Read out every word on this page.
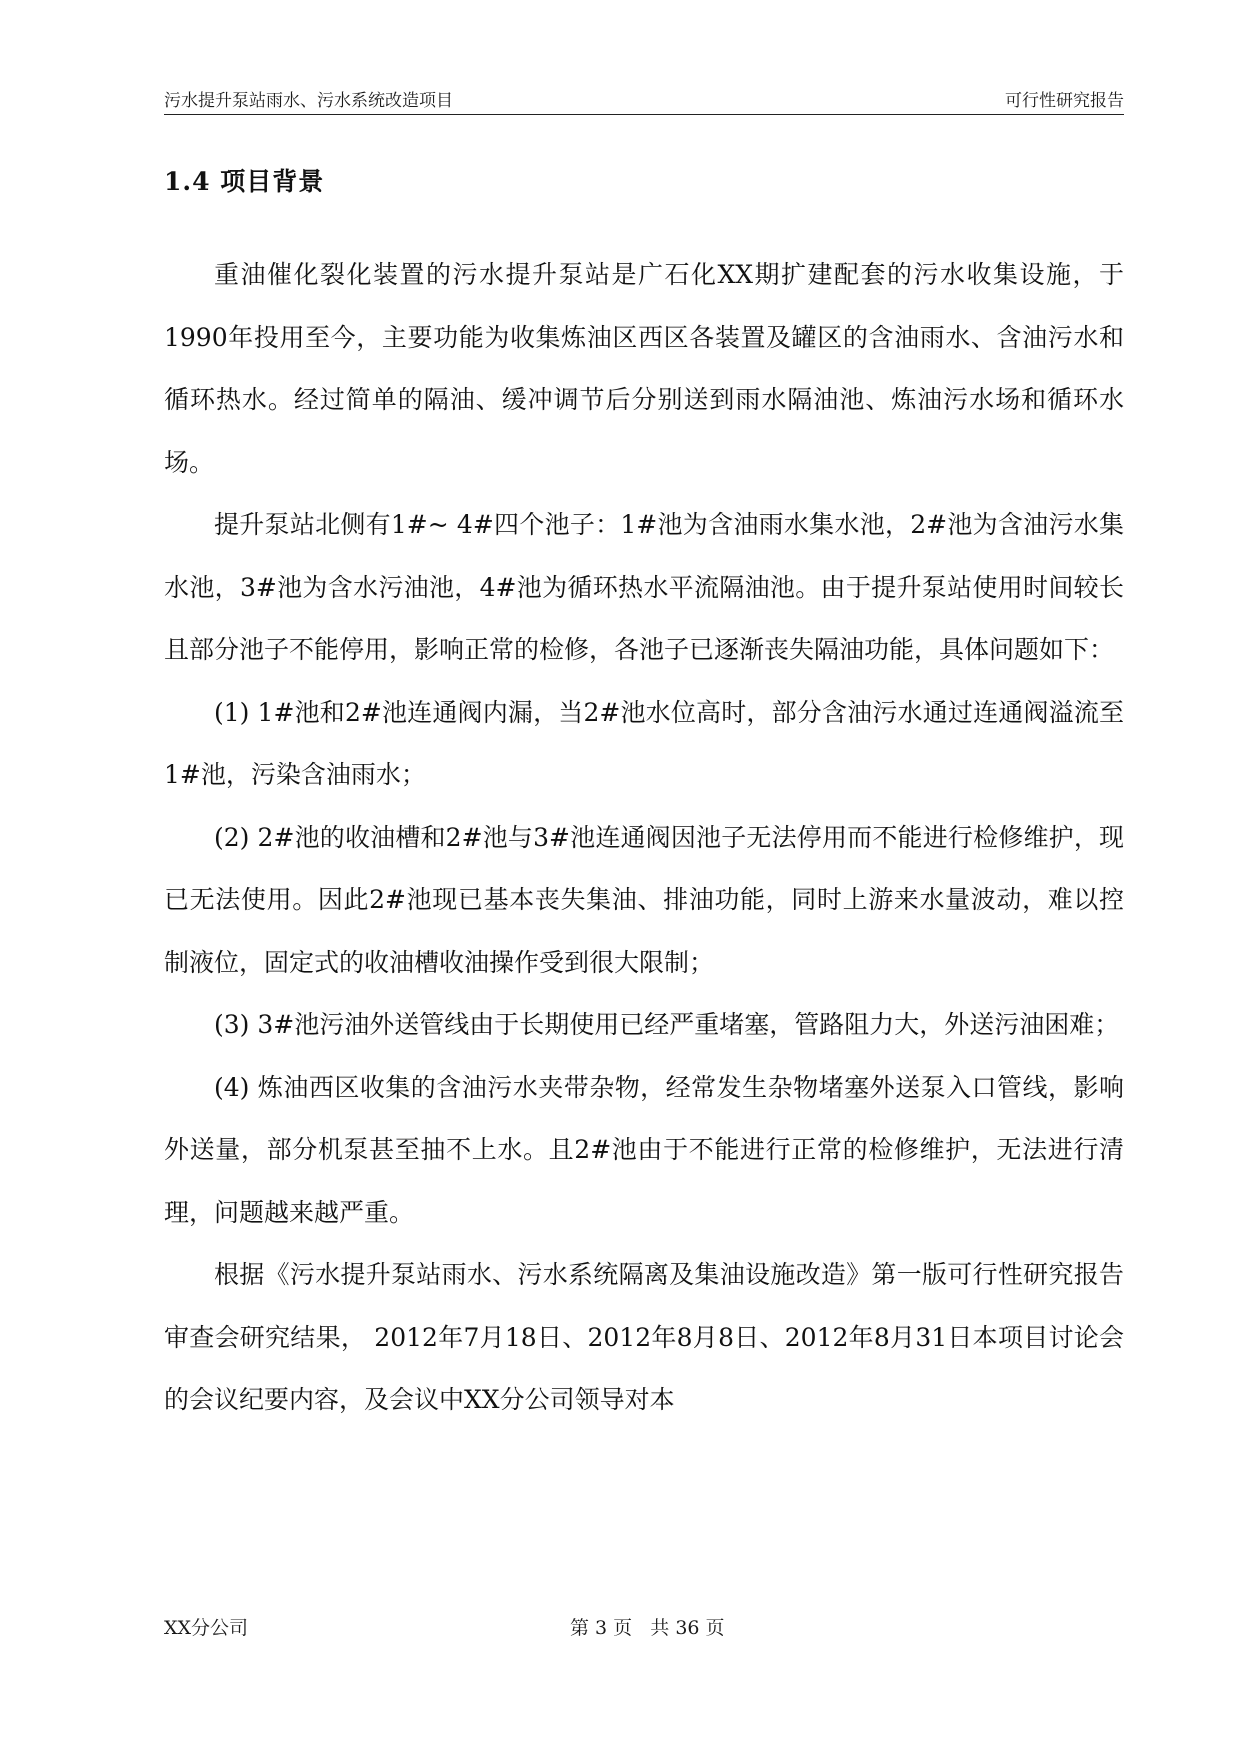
污水提升泵站雨水、污水系统改造项目	可行性研究报告
1.4 项目背景

重油催化裂化装置的污水提升泵站是广石化XX期扩建配套的污水收集设施，于1990年投用至今，主要功能为收集炼油区西区各装置及罐区的含油雨水、含油污水和循环热水。经过简单的隔油、缓冲调节后分别送到雨水隔油池、炼油污水场和循环水场。

提升泵站北侧有1#~ 4#四个池子：1#池为含油雨水集水池，2#池为含油污水集水池，3#池为含水污油池，4#池为循环热水平流隔油池。由于提升泵站使用时间较长且部分池子不能停用，影响正常的检修，各池子已逐渐丧失隔油功能，具体问题如下：

(1) 1#池和2#池连通阀内漏，当2#池水位高时，部分含油污水通过连通阀溢流至1#池，污染含油雨水；

(2) 2#池的收油槽和2#池与3#池连通阀因池子无法停用而不能进行检修维护，现已无法使用。因此2#池现已基本丧失集油、排油功能，同时上游来水量波动，难以控制液位，固定式的收油槽收油操作受到很大限制；

(3) 3#池污油外送管线由于长期使用已经严重堵塞，管路阻力大，外送污油困难；

(4) 炼油西区收集的含油污水夹带杂物，经常发生杂物堵塞外送泵入口管线，影响外送量，部分机泵甚至抽不上水。且2#池由于不能进行正常的检修维护，无法进行清理，问题越来越严重。

根据《污水提升泵站雨水、污水系统隔离及集油设施改造》第一版可行性研究报告审查会研究结果， 2012年7月18日、2012年8月8日、2012年8月31日本项目讨论会的会议纪要内容，及会议中XX分公司领导对本

XX分公司	第 3 页   共 36 页
